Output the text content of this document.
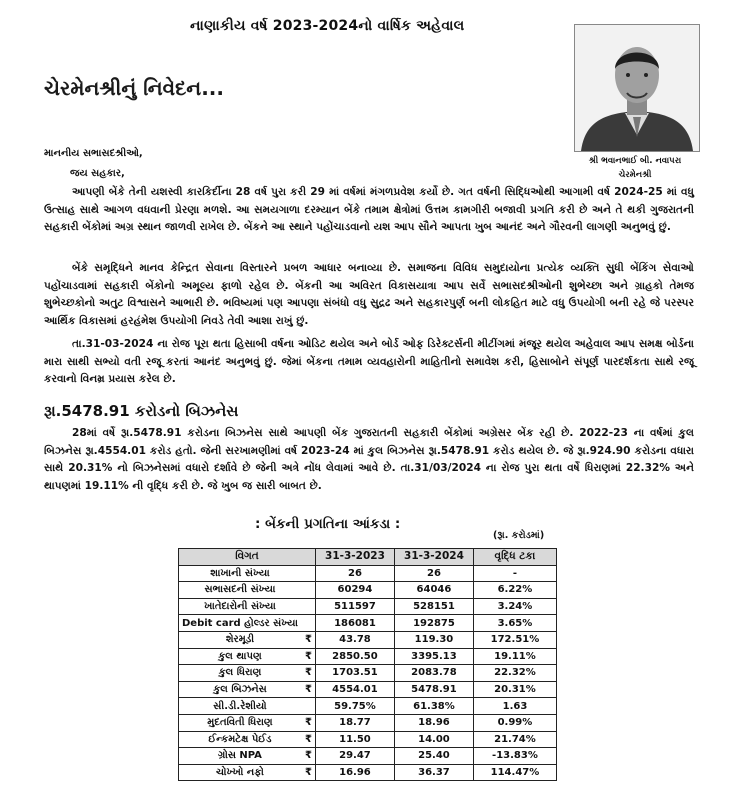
નાણાકીય વર્ષ 2023-2024નો વાર્ષિક અહેવાલ
ચેરમેનશ્રીનું નિવેદન...
શ્રી ભવાનભાઈ બી. નવાપરા
ચેરમેનશ્રી
માનનીય સભાસદશ્રીઓ,
જય સહકાર,
આપણી બેંકે તેની યશસ્વી કારકિર્દીના 28 વર્ષ પુરા કરી 29 માં વર્ષમાં મંગળપ્રવેશ કર્યો છે. ગત વર્ષની સિદ્ધિઓથી આગામી વર્ષ 2024-25 માં વધુ ઉત્સાહ સાથે આગળ વધવાની પ્રેરણા મળશે. આ સમયગાળા દરમ્યાન બેંકે તમામ ક્ષેત્રોમાં ઉત્તમ કામગીરી બજાવી પ્રગતિ કરી છે અને તે થકી ગુજરાતની સહકારી બેંકોમાં અગ્ર સ્થાન જાળવી રાખેલ છે. બેંકને આ સ્થાને પહોંચાડવાનો યશ આપ સૌને આપતા ખુબ આનંદ અને ગૌરવની લાગણી અનુભવું છું.
બેંકે સમૃદ્ધિને માનવ કેન્દ્રિત સેવાના વિસ્તારને પ્રબળ આધાર બનાવ્યા છે. સમાજના વિવિધ સમુદાયોના પ્રત્યેક વ્યક્તિ સુધી બેંકિંગ સેવાઓ પહોંચાડવામાં સહકારી બેંકોનો અમૂલ્ય ફાળો રહેલ છે. બેંકની આ અવિરત વિકાસયાત્રા આપ સર્વે સભાસદશ્રીઓની શુભેચ્છા અને ગ્રાહકો તેમજ શુભેચ્છકોનો અતુટ વિશ્વાસને આભારી છે. ભવિષ્યમાં પણ આપણા સંબંધો વધુ સુદ્રઢ અને સહકારપુર્ણ બની લોકહિત માટે વધુ ઉપયોગી બની રહે જે પરસ્પર આર્થિક વિકાસમાં હરહંમેશ ઉપયોગી નિવડે તેવી આશા રાખું છું.
તા.31-03-2024 ના રોજ પૂરા થતા હિસાબી વર્ષના ઓડિટ થયેલ અને બોર્ડ ઓફ ડિરેક્ટર્સની મીટીંગમાં મંજૂર થયેલ અહેવાલ આપ સમક્ષ બોર્ડના મારા સાથી સભ્યો વતી રજૂ કરતાં આનંદ અનુભવું છું. જેમાં બેંકના તમામ વ્યવહારોની માહિતીનો સમાવેશ કરી, હિસાબોને સંપૂર્ણ પારદર્શકતા સાથે રજૂ કરવાનો વિનમ્ર પ્રયાસ કરેલ છે.
રૂા.5478.91 કરોડનો બિઝનેસ
28માં વર્ષે રૂા.5478.91 કરોડના બિઝનેસ સાથે આપણી બેંક ગુજરાતની સહકારી બેંકોમાં અગ્રેસર બેંક રહી છે. 2022-23 ના વર્ષમાં કુલ બિઝનેસ રૂા.4554.01 કરોડ હતો. જેની સરખામણીમાં વર્ષ 2023-24 માં કુલ બિઝનેસ રૂા.5478.91 કરોડ થયેલ છે. જે રૂા.924.90 કરોડના વધારા સાથે 20.31% નો બિઝનેસમાં વધારો દર્શાવે છે જેની અત્રે નોંધ લેવામાં આવે છે. તા.31/03/2024 ના રોજ પુરા થતા વર્ષે ધિરાણમાં 22.32% અને થાપણમાં 19.11% ની વૃદ્ધિ કરી છે. જે ખુબ જ સારી બાબત છે.
: બેંકની પ્રગતિના આંકડા :
(રૂા. કરોડમાં)
વિગત		31-3-2023	31-3-2024	વૃદ્ધિ ટકા
શાખાની સંખ્યા		26	26	-
સભાસદની સંખ્યા		60294	64046	6.22%
ખાતેદારોની સંખ્યા		511597	528151	3.24%
Debit card હોલ્ડર સંખ્યા		186081	192875	3.65%
શેરમૂડી	₹	43.78	119.30	172.51%
કુલ થાપણ	₹	2850.50	3395.13	19.11%
કુલ ધિરાણ	₹	1703.51	2083.78	22.32%
કુલ બિઝનેસ	₹	4554.01	5478.91	20.31%
સી.ડી.રેશીયો		59.75%	61.38%	1.63
મુદતવિતી ધિરાણ	₹	18.77	18.96	0.99%
ઈન્કમટેક્ષ પેઈડ	₹	11.50	14.00	21.74%
ગ્રોસ NPA	₹	29.47	25.40	-13.83%
ચોખ્ખો નફો	₹	16.96	36.37	114.47%
